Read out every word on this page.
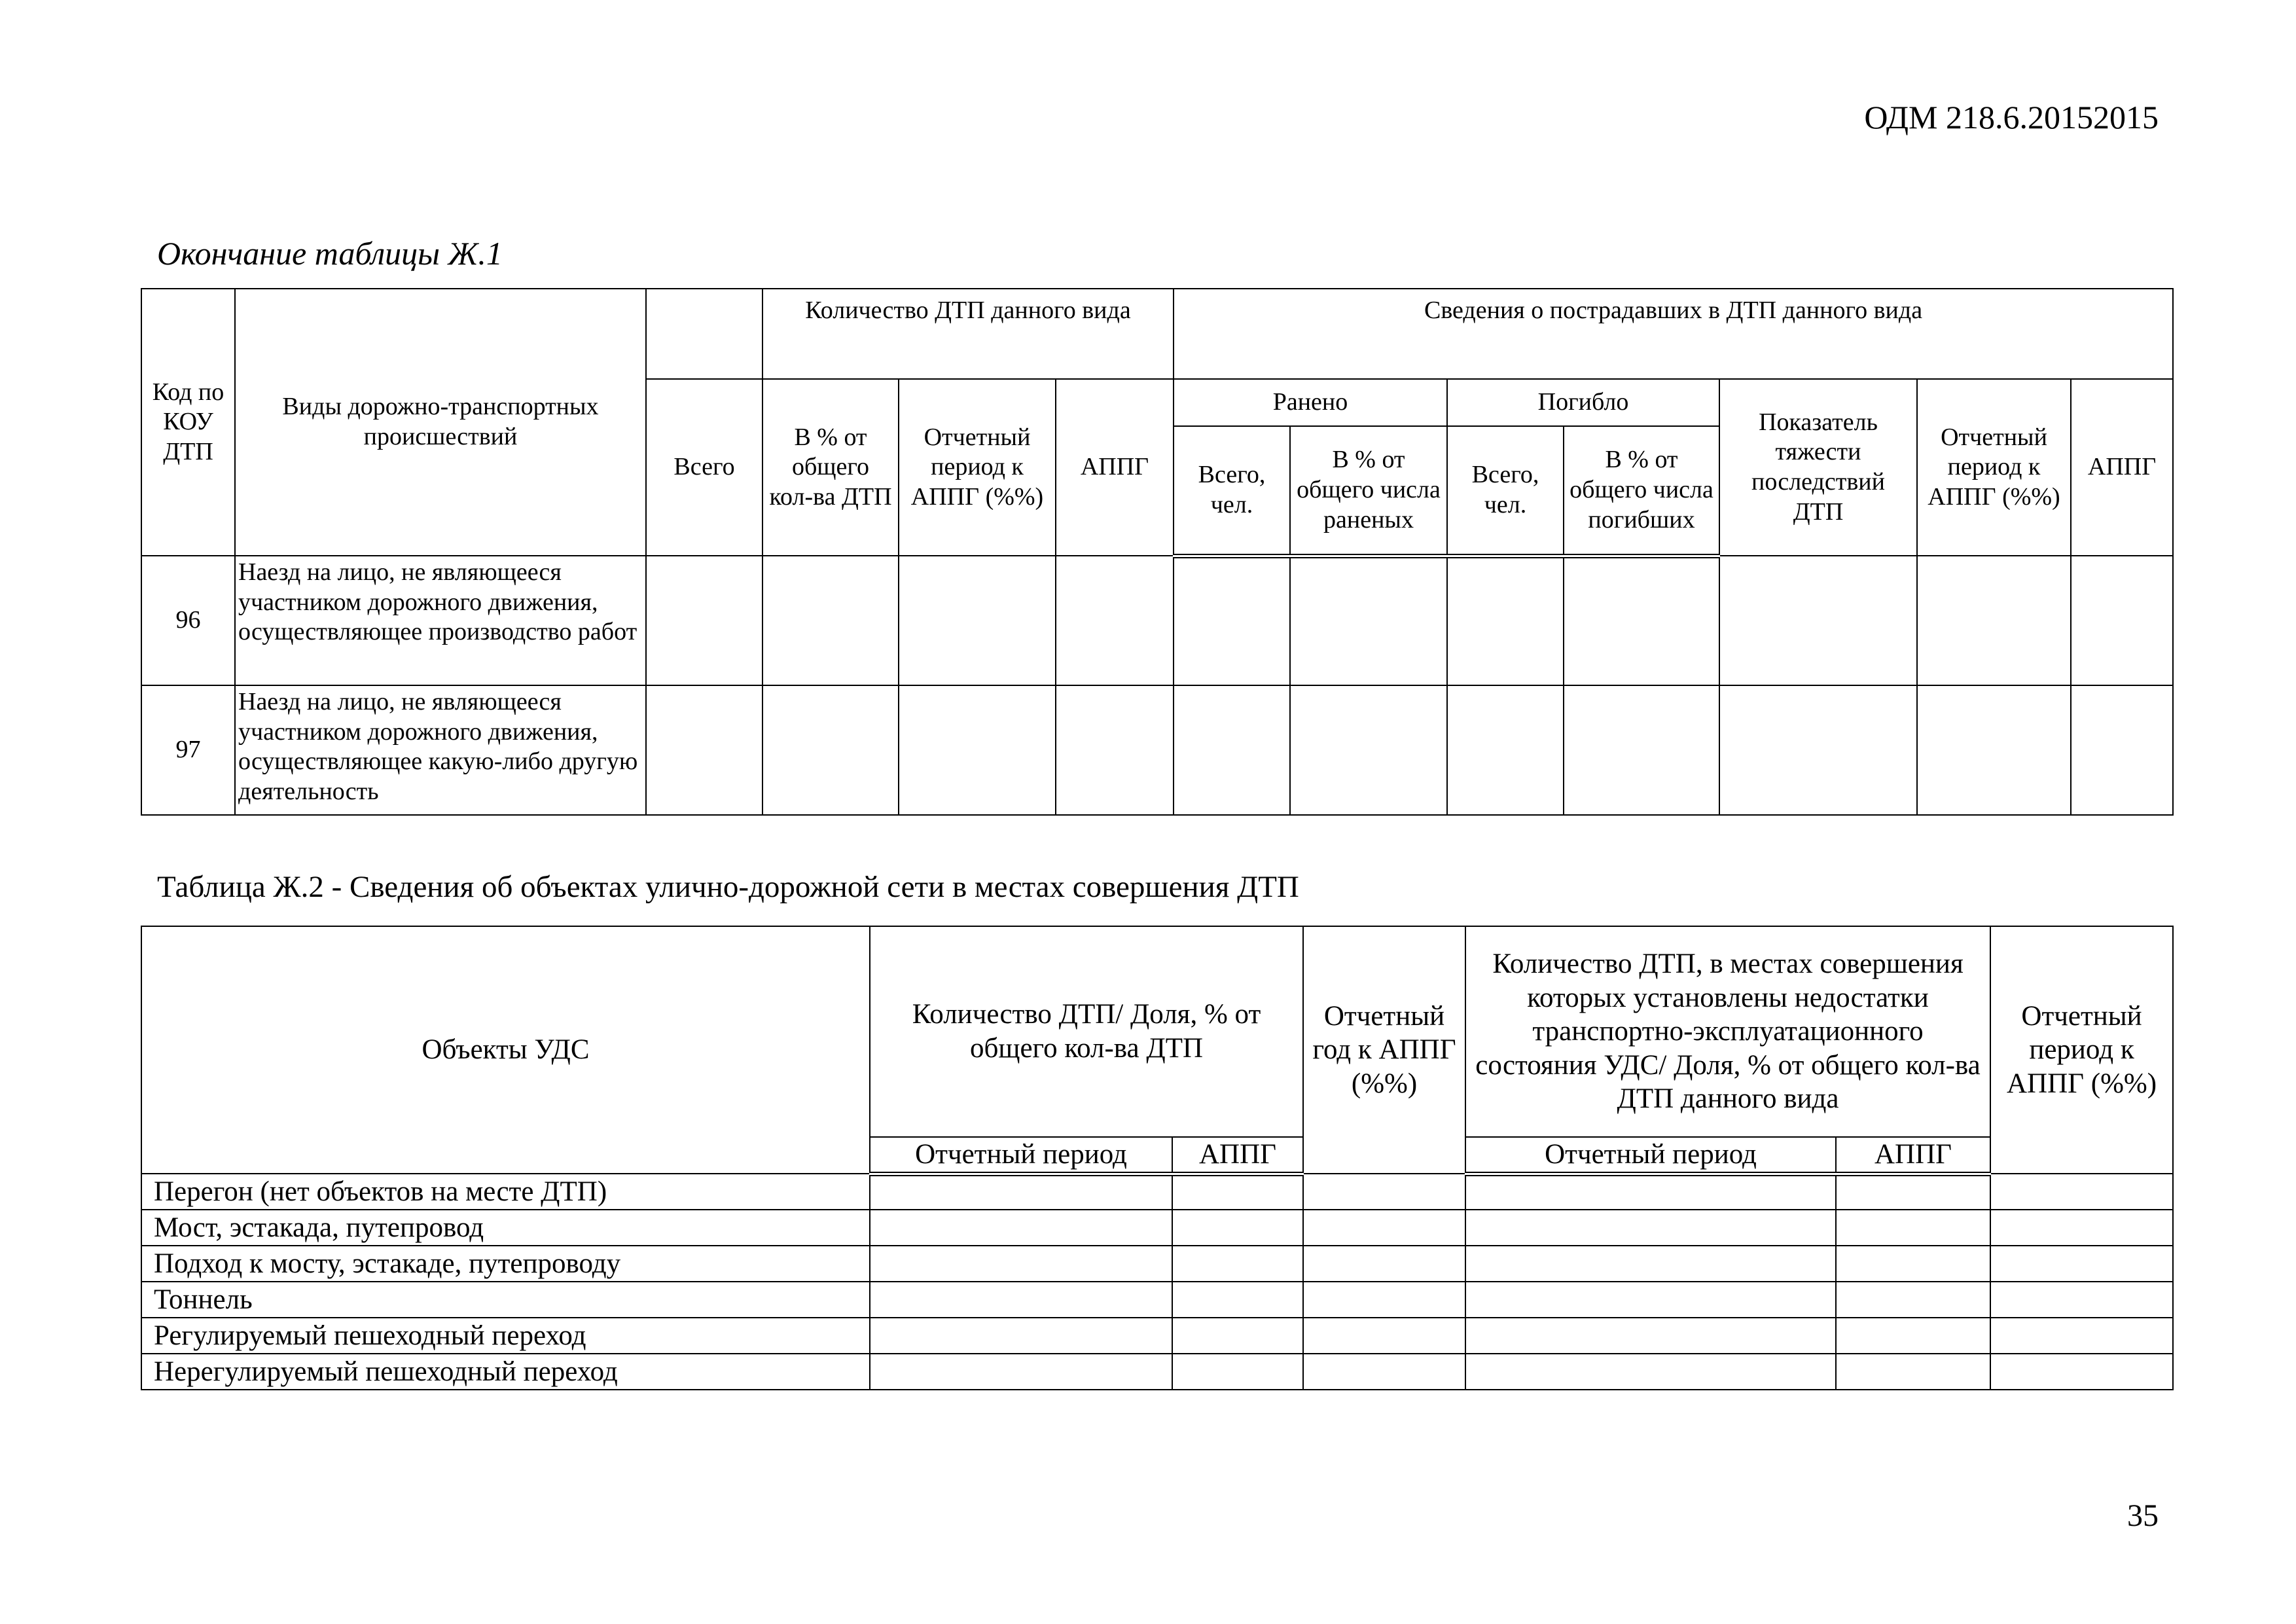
ОДМ 218.6.20152015
Окончание таблицы Ж.1
Код по КОУ ДТП	Виды дорожно-транспортных происшествий		Количество ДТП данного вида			Сведения о пострадавших в ДТП данного вида						
		Всего	В % от общего кол-ва ДТП	Отчетный период к АППГ (%%)	АППГ	Ранено		Погибло		Показатель тяжести последствий ДТП	Отчетный период к АППГ (%%)	АППГ
						Всего, чел.	В % от общего числа раненых	Всего, чел.	В % от общего числа погибших			
96	Наезд на лицо, не являющееся участником дорожного движения, осуществляющее производство работ											
97	Наезд на лицо, не являющееся участником дорожного движения, осуществляющее какую-либо другую деятельность											
Таблица Ж.2 - Сведения об объектах улично-дорожной сети в местах совершения ДТП
Объекты УДС	Количество ДТП/ Доля, % от общего кол-ва ДТП		Отчетный год к АППГ (%%)	Количество ДТП, в местах совершения которых установлены недостатки транспортно-эксплуатационного состояния УДС/ Доля, % от общего кол-ва ДТП данного вида		Отчетный период к АППГ (%%)
	Отчетный период	АППГ		Отчетный период	АППГ	
Перегон (нет объектов на месте ДТП)						
Мост, эстакада, путепровод						
Подход к мосту, эстакаде, путепроводу						
Тоннель						
Регулируемый пешеходный переход						
Нерегулируемый пешеходный переход						
35
